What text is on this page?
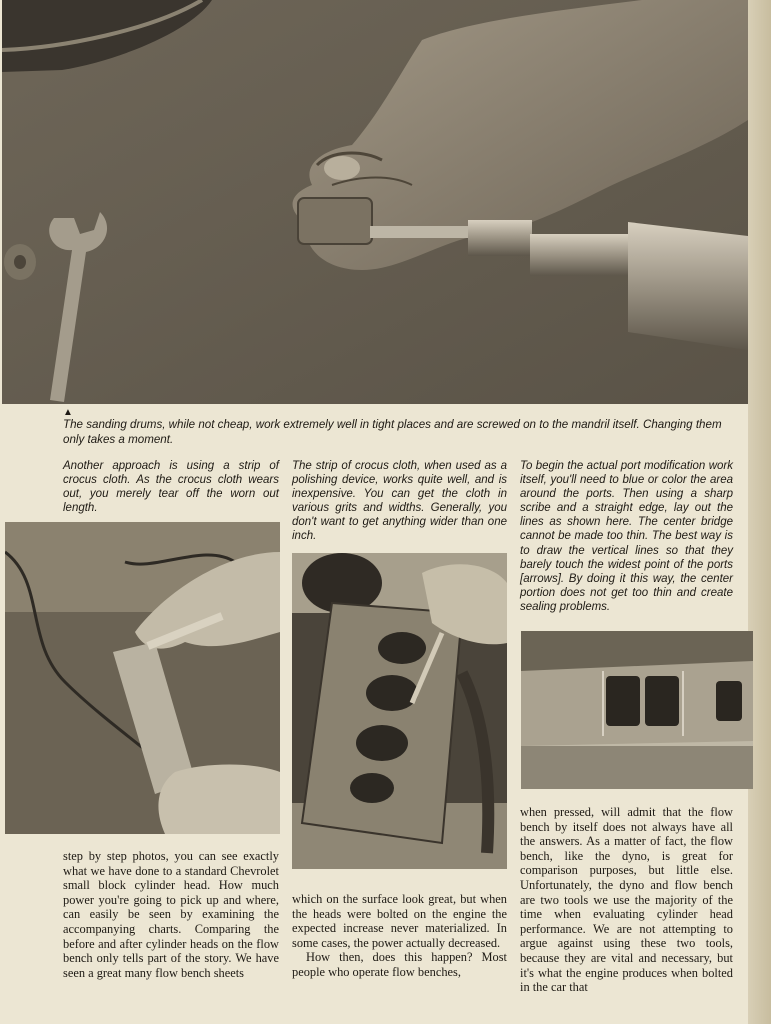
▲
The sanding drums, while not cheap, work extremely well in tight places and are screwed on to the mandril itself. Changing them only takes a moment.
Another approach is using a strip of crocus cloth. As the crocus cloth wears out, you merely tear off the worn out length.
The strip of crocus cloth, when used as a polishing device, works quite well, and is inexpensive. You can get the cloth in various grits and widths. Generally, you don't want to get anything wider than one inch.
To begin the actual port modification work itself, you'll need to blue or color the area around the ports. Then using a sharp scribe and a straight edge, lay out the lines as shown here. The center bridge cannot be made too thin. The best way is to draw the vertical lines so that they barely touch the widest point of the ports [arrows]. By doing it this way, the center portion does not get too thin and create sealing problems.

step by step photos, you can see exactly what we have done to a standard Chevrolet small block cylinder head. How much power you're going to pick up and where, can easily be seen by examining the accompanying charts. Comparing the before and after cylinder heads on the flow bench only tells part of the story. We have seen a great many flow bench sheets

which on the surface look great, but when the heads were bolted on the engine the expected increase never materialized. In some cases, the power actually decreased.

How then, does this happen? Most people who operate flow benches,

when pressed, will admit that the flow bench by itself does not always have all the answers. As a matter of fact, the flow bench, like the dyno, is great for comparison purposes, but little else. Unfortunately, the dyno and flow bench are two tools we use the majority of the time when evaluating cylinder head performance. We are not attempting to argue against using these two tools, because they are vital and necessary, but it's what the engine produces when bolted in the car that
